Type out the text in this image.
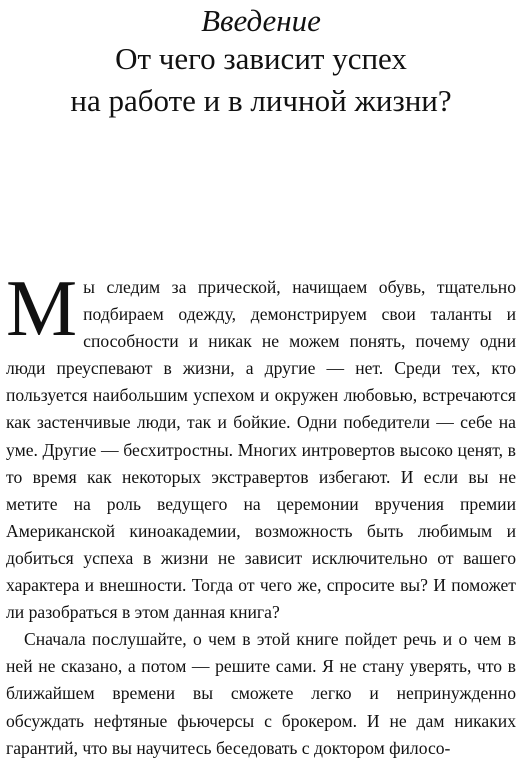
Введение
От чего зависит успех
на работе и в личной жизни?

Мы следим за прической, начищаем обувь, тщательно подбираем одежду, демонстрируем свои таланты и способности и никак не можем понять, почему одни люди преуспевают в жизни, а другие — нет. Среди тех, кто пользуется наибольшим успехом и окружен любовью, встречаются как застенчивые люди, так и бойкие. Одни победители — себе на уме. Другие — бесхитростны. Многих интровертов высоко ценят, в то время как некоторых экстравертов избегают. И если вы не метите на роль ведущего на церемонии вручения премии Американской киноакадемии, возможность быть любимым и добиться успеха в жизни не зависит исключительно от вашего характера и внешности. Тогда от чего же, спросите вы? И поможет ли разобраться в этом данная книга?

Сначала послушайте, о чем в этой книге пойдет речь и о чем в ней не сказано, а потом — решите сами. Я не стану уверять, что в ближайшем времени вы сможете легко и непринужденно обсуждать нефтяные фьючерсы с брокером. И не дам никаких гарантий, что вы научитесь беседовать с доктором филосо-
